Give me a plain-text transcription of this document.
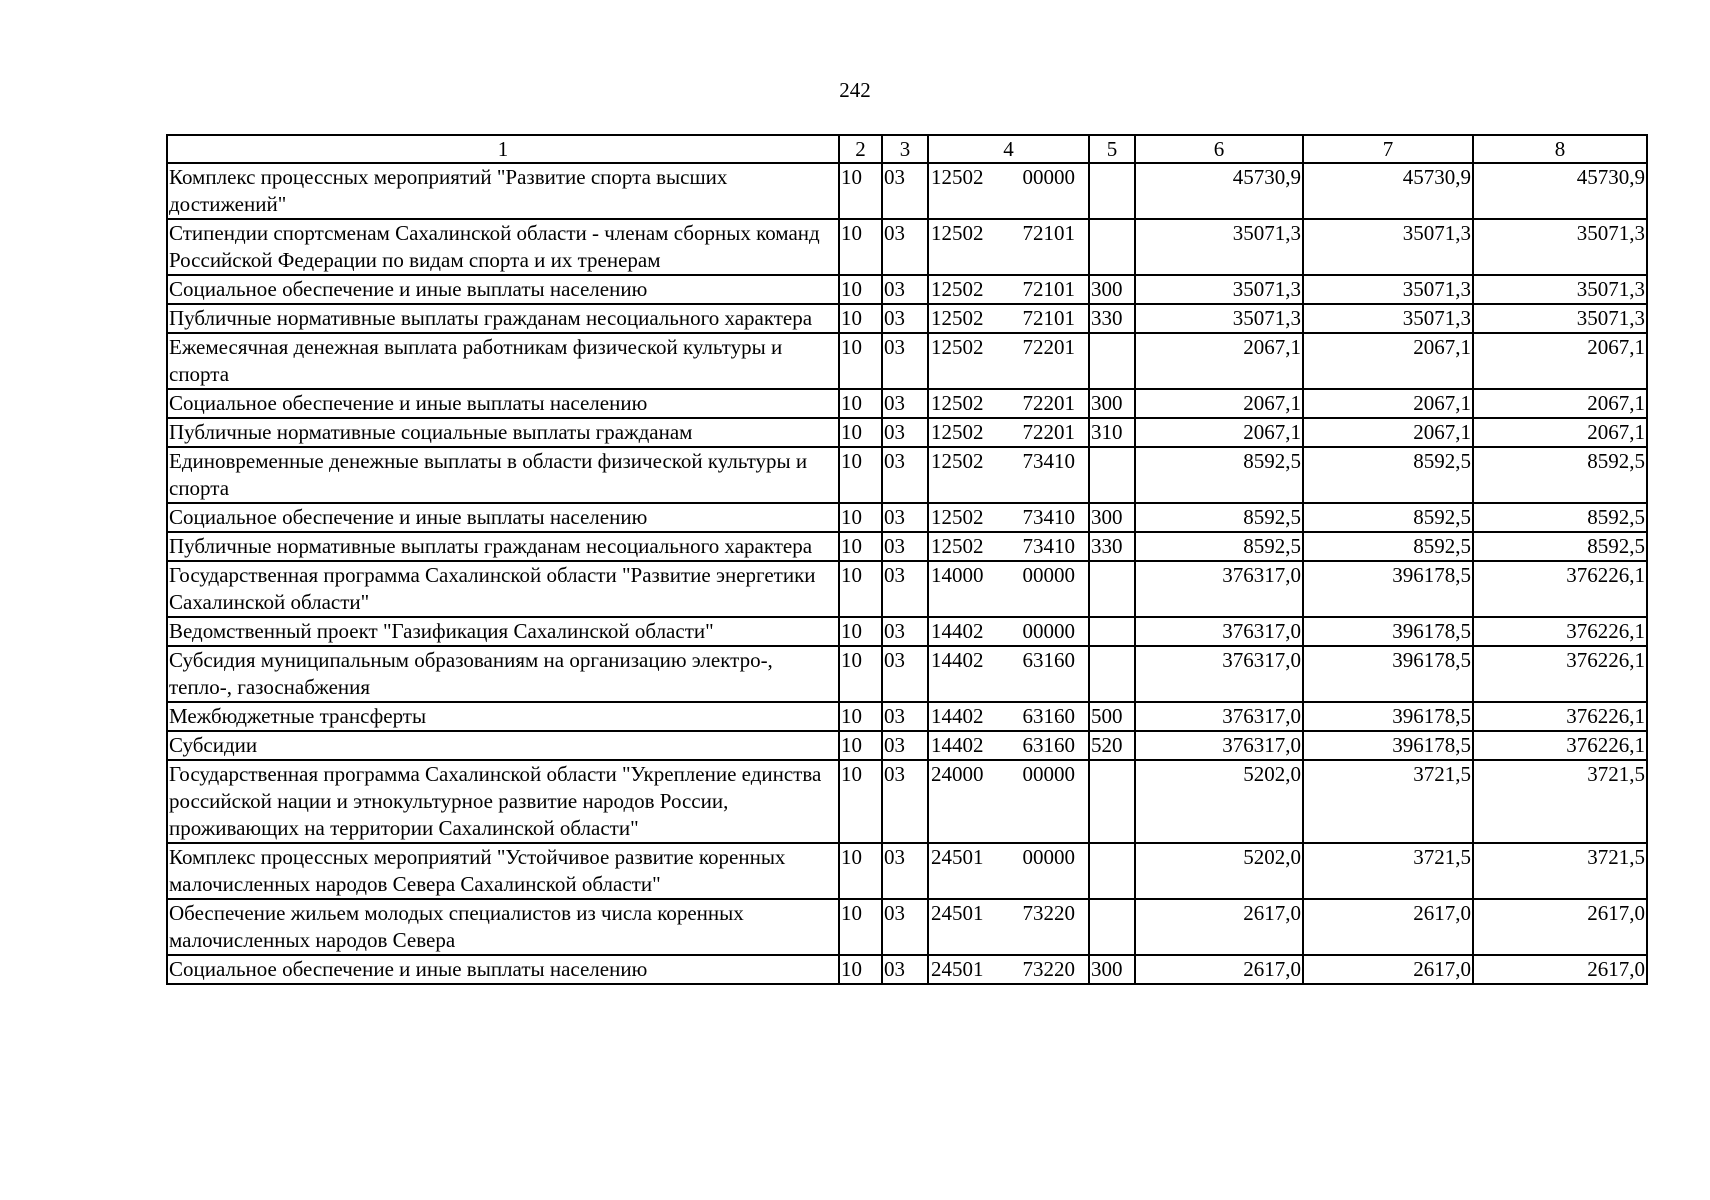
242
1	2	3	4	5	6	7	8
Комплекс процессных мероприятий "Развитие спорта высших достижений"	10	03	12502 00000		45730,9	45730,9	45730,9
Стипендии спортсменам Сахалинской области - членам сборных команд Российской Федерации по видам спорта и их тренерам	10	03	12502 72101		35071,3	35071,3	35071,3
Социальное обеспечение и иные выплаты населению	10	03	12502 72101	300	35071,3	35071,3	35071,3
Публичные нормативные выплаты гражданам несоциального характера	10	03	12502 72101	330	35071,3	35071,3	35071,3
Ежемесячная денежная выплата работникам физической культуры и спорта	10	03	12502 72201		2067,1	2067,1	2067,1
Социальное обеспечение и иные выплаты населению	10	03	12502 72201	300	2067,1	2067,1	2067,1
Публичные нормативные социальные выплаты гражданам	10	03	12502 72201	310	2067,1	2067,1	2067,1
Единовременные денежные выплаты в области физической культуры и спорта	10	03	12502 73410		8592,5	8592,5	8592,5
Социальное обеспечение и иные выплаты населению	10	03	12502 73410	300	8592,5	8592,5	8592,5
Публичные нормативные выплаты гражданам несоциального характера	10	03	12502 73410	330	8592,5	8592,5	8592,5
Государственная программа Сахалинской области "Развитие энергетики Сахалинской области"	10	03	14000 00000		376317,0	396178,5	376226,1
Ведомственный проект "Газификация Сахалинской области"	10	03	14402 00000		376317,0	396178,5	376226,1
Субсидия муниципальным образованиям на организацию электро-, тепло-, газоснабжения	10	03	14402 63160		376317,0	396178,5	376226,1
Межбюджетные трансферты	10	03	14402 63160	500	376317,0	396178,5	376226,1
Субсидии	10	03	14402 63160	520	376317,0	396178,5	376226,1
Государственная программа Сахалинской области "Укрепление единства российской нации и этнокультурное развитие народов России, проживающих на территории Сахалинской области"	10	03	24000 00000		5202,0	3721,5	3721,5
Комплекс процессных мероприятий "Устойчивое развитие коренных малочисленных народов Севера Сахалинской области"	10	03	24501 00000		5202,0	3721,5	3721,5
Обеспечение жильем молодых специалистов из числа коренных малочисленных народов Севера	10	03	24501 73220		2617,0	2617,0	2617,0
Социальное обеспечение и иные выплаты населению	10	03	24501 73220	300	2617,0	2617,0	2617,0
